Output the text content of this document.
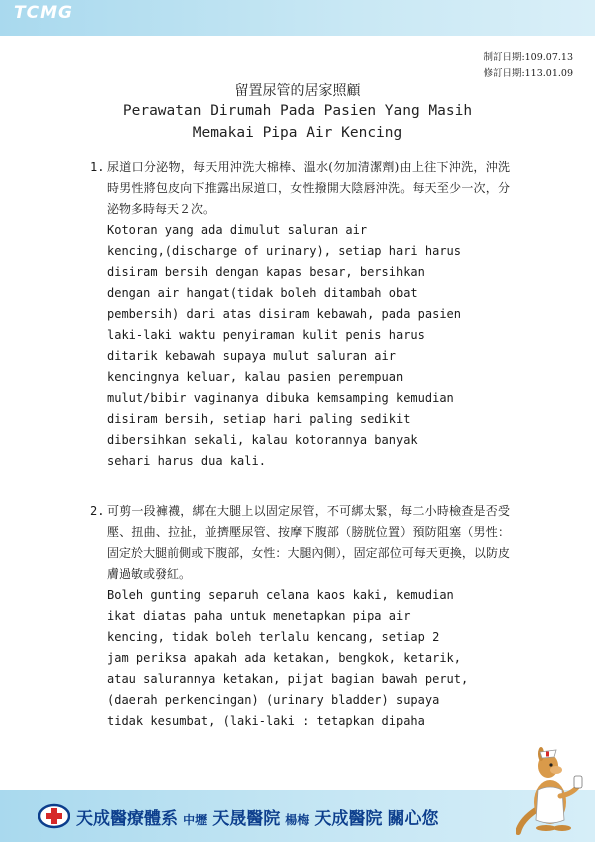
TCMG
制訂日期:109.07.13
修訂日期:113.01.09
留置尿管的居家照顧
Perawatan Dirumah Pada Pasien Yang Masih
Memakai Pipa Air Kencing
1. 尿道口分泌物，每天用沖洗大棉棒、溫水(勿加清潔劑)由上往下沖洗，沖洗時男性將包皮向下推露出尿道口，女性撥開大陰唇沖洗。每天至少一次，分泌物多時每天２次。
Kotoran yang ada dimulut saluran air
kencing,(discharge of urinary), setiap hari harus
disiram bersih dengan kapas besar, bersihkan
dengan air hangat(tidak boleh ditambah obat
pembersih) dari atas disiram kebawah, pada pasien
laki-laki waktu penyiraman kulit penis harus
ditarik kebawah supaya mulut saluran air
kencingnya keluar, kalau pasien perempuan
mulut/bibir vaginanya dibuka kemsamping kemudian
disiram bersih, setiap hari paling sedikit
dibersihkan sekali, kalau kotorannya banyak
sehari harus dua kali.
2. 可剪一段褲襪，綁在大腿上以固定尿管，不可綁太緊，每二小時檢查是否受壓、扭曲、拉扯，並擠壓尿管、按摩下腹部（膀胱位置）預防阻塞（男性：固定於大腿前側或下腹部，女性：大腿內側），固定部位可每天更換，以防皮膚過敏或發紅。
Boleh gunting separuh celana kaos kaki, kemudian
ikat diatas paha untuk menetapkan pipa air
kencing, tidak boleh terlalu kencang, setiap 2
jam periksa apakah ada ketakan, bengkok, ketarik,
atau salurannya ketakan, pijat bagian bawah perut,
(daerah perkencingan) (urinary bladder) supaya
tidak kesumbat, (laki-laki : tetapkan dipaha
天成醫療體系 中壢 天晟醫院 楊梅 天成醫院 關心您
